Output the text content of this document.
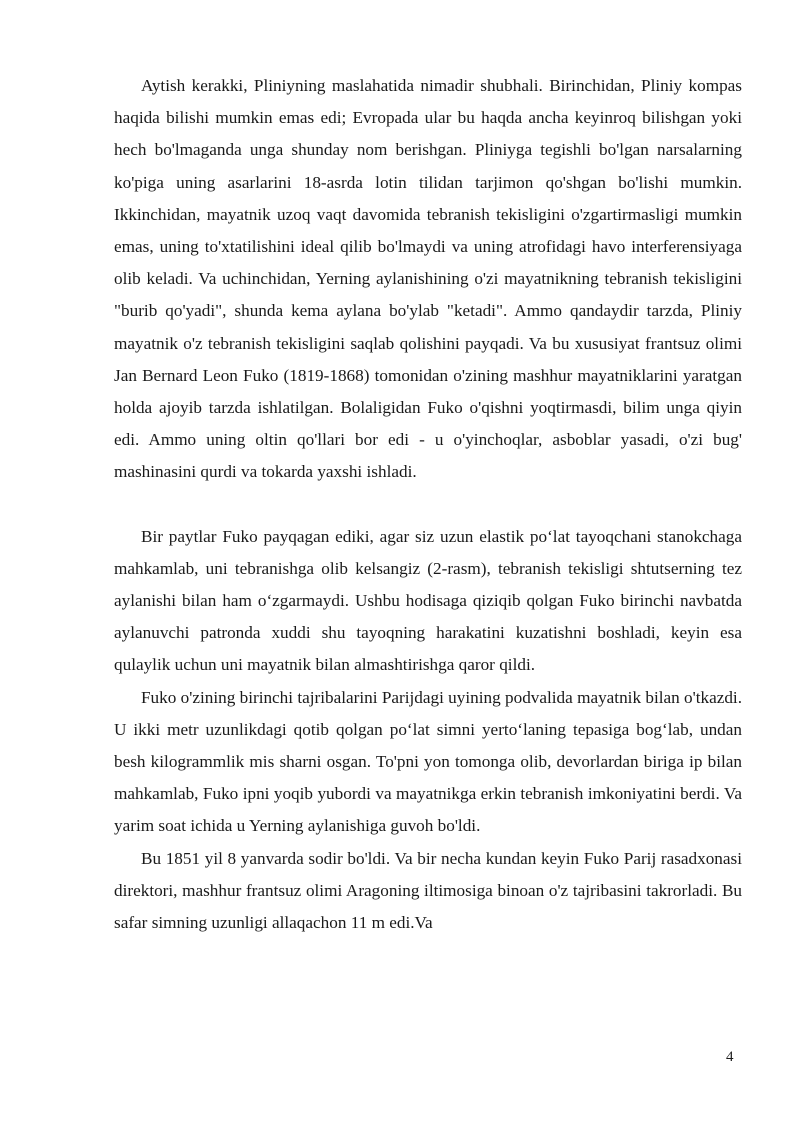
Aytish kerakki, Pliniyning maslahatida nimadir shubhali. Birinchidan, Pliniy kompas haqida bilishi mumkin emas edi; Evropada ular bu haqda ancha keyinroq bilishgan yoki hech bo'lmaganda unga shunday nom berishgan. Pliniyga tegishli bo'lgan narsalarning ko'piga uning asarlarini 18-asrda lotin tilidan tarjimon qo'shgan bo'lishi mumkin. Ikkinchidan, mayatnik uzoq vaqt davomida tebranish tekisligini o'zgartirmasligi mumkin emas, uning to'xtatilishini ideal qilib bo'lmaydi va uning atrofidagi havo interferensiyaga olib keladi. Va uchinchidan, Yerning aylanishining o'zi mayatnikning tebranish tekisligini "burib qo'yadi", shunda kema aylana bo'ylab "ketadi". Ammo qandaydir tarzda, Pliniy mayatnik o'z tebranish tekisligini saqlab qolishini payqadi. Va bu xususiyat frantsuz olimi Jan Bernard Leon Fuko (1819-1868) tomonidan o'zining mashhur mayatniklarini yaratgan holda ajoyib tarzda ishlatilgan. Bolaligidan Fuko o'qishni yoqtirmasdi, bilim unga qiyin edi. Ammo uning oltin qo'llari bor edi - u o'yinchoqlar, asboblar yasadi, o'zi bug' mashinasini qurdi va tokarda yaxshi ishladi.

Bir paytlar Fuko payqagan ediki, agar siz uzun elastik poʻlat tayoqchani stanokchaga mahkamlab, uni tebranishga olib kelsangiz (2-rasm), tebranish tekisligi shtutserning tez aylanishi bilan ham oʻzgarmaydi. Ushbu hodisaga qiziqib qolgan Fuko birinchi navbatda aylanuvchi patronda xuddi shu tayoqning harakatini kuzatishni boshladi, keyin esa qulaylik uchun uni mayatnik bilan almashtirishga qaror qildi.

Fuko o'zining birinchi tajribalarini Parijdagi uyining podvalida mayatnik bilan o'tkazdi. U ikki metr uzunlikdagi qotib qolgan poʻlat simni yertoʻlaning tepasiga bogʻlab, undan besh kilogrammlik mis sharni osgan. To'pni yon tomonga olib, devorlardan biriga ip bilan mahkamlab, Fuko ipni yoqib yubordi va mayatnikga erkin tebranish imkoniyatini berdi. Va yarim soat ichida u Yerning aylanishiga guvoh bo'ldi.

Bu 1851 yil 8 yanvarda sodir bo'ldi. Va bir necha kundan keyin Fuko Parij rasadxonasi direktori, mashhur frantsuz olimi Aragoning iltimosiga binoan o'z tajribasini takrorladi. Bu safar simning uzunligi allaqachon 11 m edi.Va

4
